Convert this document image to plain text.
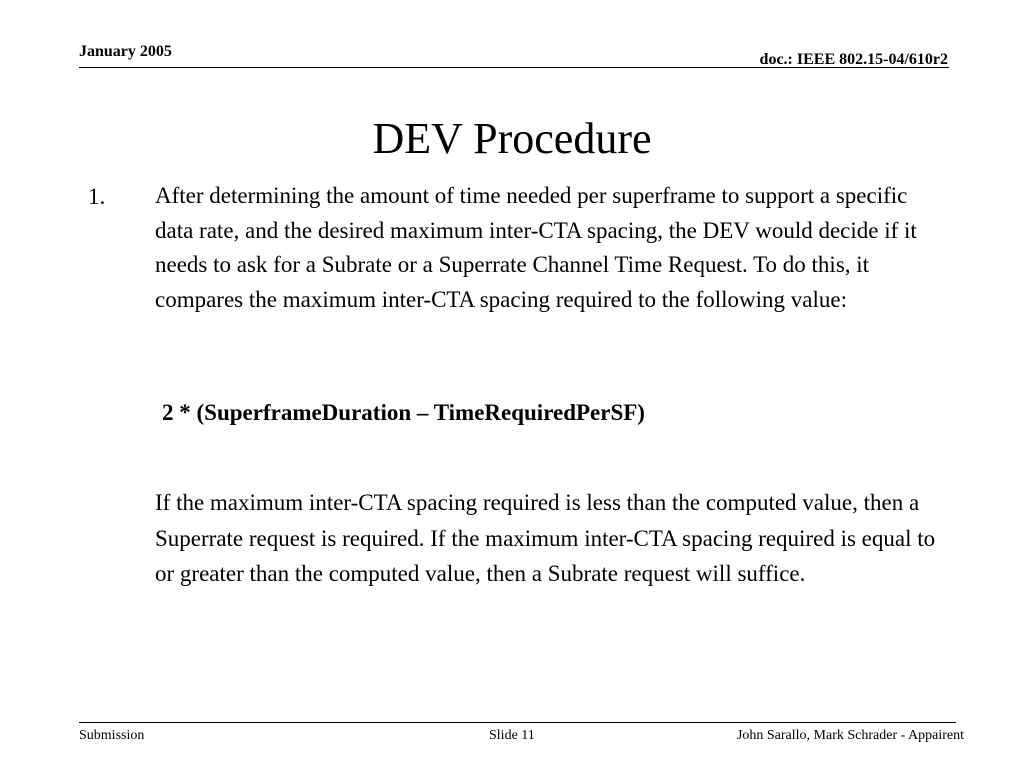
January 2005	doc.: IEEE 802.15-04/610r2
DEV Procedure
1. After determining the amount of time needed per superframe to support a specific data rate, and the desired maximum inter-CTA spacing, the DEV would decide if it needs to ask for a Subrate or a Superrate Channel Time Request. To do this, it compares the maximum inter-CTA spacing required to the following value:
2 * (SuperframeDuration – TimeRequiredPerSF)
If the maximum inter-CTA spacing required is less than the computed value, then a Superrate request is required. If the maximum inter-CTA spacing required is equal to or greater than the computed value, then a Subrate request will suffice.
Submission	Slide 11	John Sarallo, Mark Schrader - Appairent
